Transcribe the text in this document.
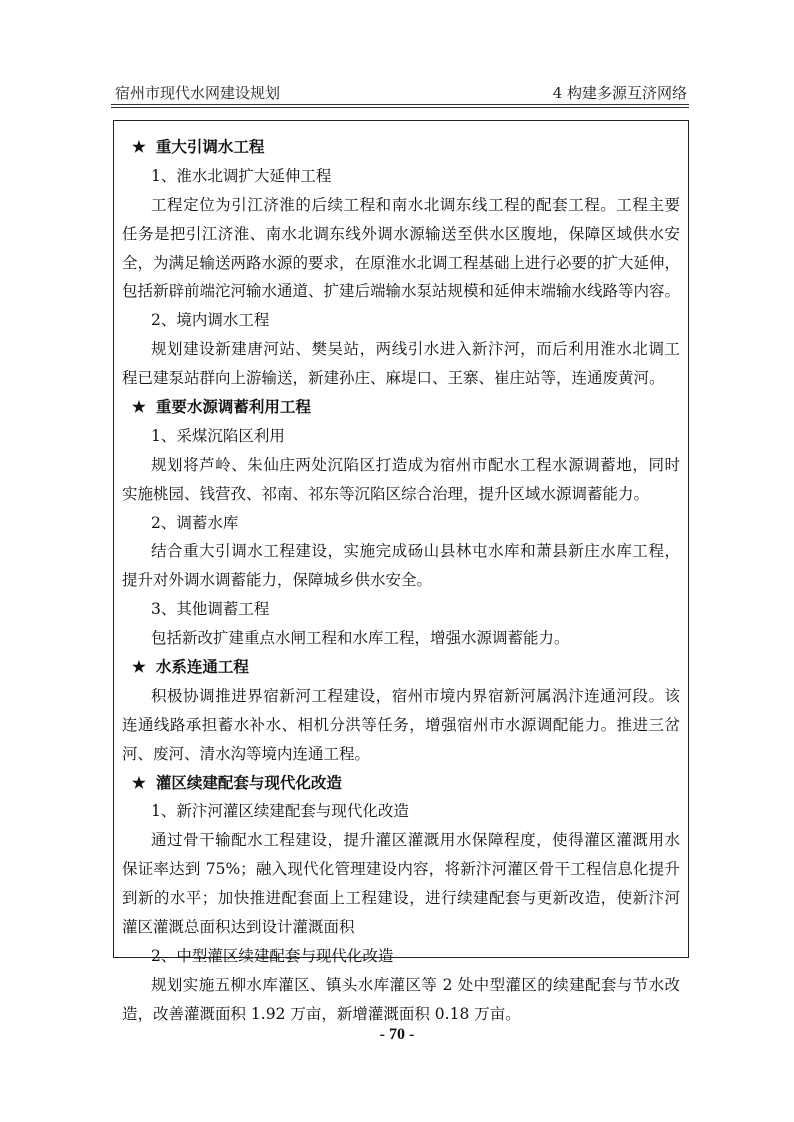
宿州市现代水网建设规划	4 构建多源互济网络
★ 重大引调水工程
1、淮水北调扩大延伸工程
工程定位为引江济淮的后续工程和南水北调东线工程的配套工程。工程主要
任务是把引江济淮、南水北调东线外调水源输送至供水区腹地，保障区域供水安
全，为满足输送两路水源的要求，在原淮水北调工程基础上进行必要的扩大延伸，
包括新辟前端沱河输水通道、扩建后端输水泵站规模和延伸末端输水线路等内容。
2、境内调水工程
规划建设新建唐河站、樊吴站，两线引水进入新汴河，而后利用淮水北调工
程已建泵站群向上游输送，新建孙庄、麻堤口、王寨、崔庄站等，连通废黄河。
★ 重要水源调蓄利用工程
1、采煤沉陷区利用
规划将芦岭、朱仙庄两处沉陷区打造成为宿州市配水工程水源调蓄地，同时
实施桃园、钱营孜、祁南、祁东等沉陷区综合治理，提升区域水源调蓄能力。
2、调蓄水库
结合重大引调水工程建设，实施完成砀山县林屯水库和萧县新庄水库工程，
提升对外调水调蓄能力，保障城乡供水安全。
3、其他调蓄工程
包括新改扩建重点水闸工程和水库工程，增强水源调蓄能力。
★ 水系连通工程
积极协调推进界宿新河工程建设，宿州市境内界宿新河属涡汴连通河段。该
连通线路承担蓄水补水、相机分洪等任务，增强宿州市水源调配能力。推进三岔
河、废河、清水沟等境内连通工程。
★ 灌区续建配套与现代化改造
1、新汴河灌区续建配套与现代化改造
通过骨干输配水工程建设，提升灌区灌溉用水保障程度，使得灌区灌溉用水
保证率达到 75%；融入现代化管理建设内容，将新汴河灌区骨干工程信息化提升
到新的水平；加快推进配套面上工程建设，进行续建配套与更新改造，使新汴河
灌区灌溉总面积达到设计灌溉面积
2、中型灌区续建配套与现代化改造
规划实施五柳水库灌区、镇头水库灌区等 2 处中型灌区的续建配套与节水改
造，改善灌溉面积 1.92 万亩，新增灌溉面积 0.18 万亩。
- 70 -
